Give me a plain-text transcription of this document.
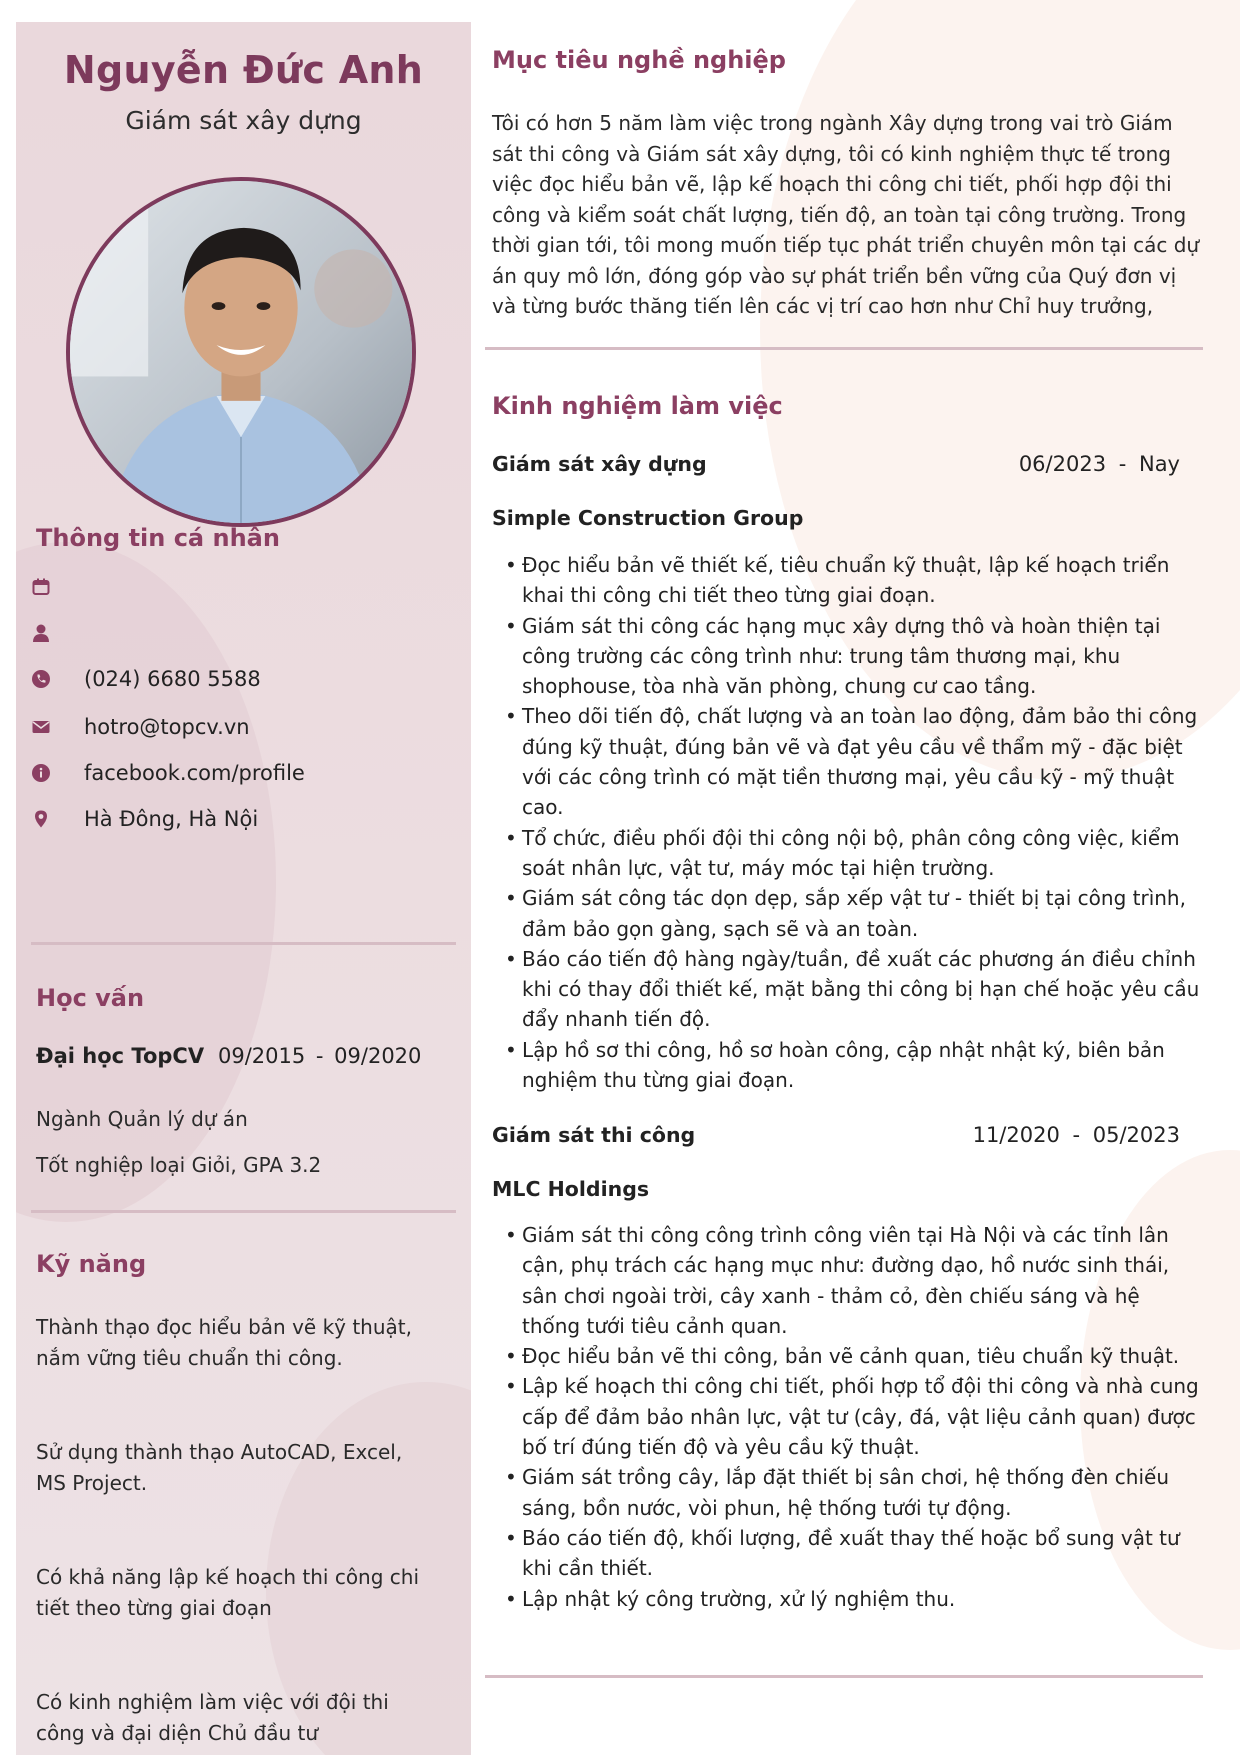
Nguyễn Đức Anh
Giám sát xây dựng
Thông tin cá nhân
(024) 6680 5588
hotro@topcv.vn
facebook.com/profile
Hà Đông, Hà Nội
Học vấn
Đại học TopCV 09/2015 - 09/2020
Ngành Quản lý dự án
Tốt nghiệp loại Giỏi, GPA 3.2
Kỹ năng
Thành thạo đọc hiểu bản vẽ kỹ thuật, nắm vững tiêu chuẩn thi công.
Sử dụng thành thạo AutoCAD, Excel, MS Project.
Có khả năng lập kế hoạch thi công chi tiết theo từng giai đoạn
Có kinh nghiệm làm việc với đội thi công và đại diện Chủ đầu tư
Mục tiêu nghề nghiệp
Tôi có hơn 5 năm làm việc trong ngành Xây dựng trong vai trò Giám sát thi công và Giám sát xây dựng, tôi có kinh nghiệm thực tế trong việc đọc hiểu bản vẽ, lập kế hoạch thi công chi tiết, phối hợp đội thi công và kiểm soát chất lượng, tiến độ, an toàn tại công trường. Trong thời gian tới, tôi mong muốn tiếp tục phát triển chuyên môn tại các dự án quy mô lớn, đóng góp vào sự phát triển bền vững của Quý đơn vị và từng bước thăng tiến lên các vị trí cao hơn như Chỉ huy trưởng,
Kinh nghiệm làm việc
Giám sát xây dựng	06/2023 - Nay
Simple Construction Group
• Đọc hiểu bản vẽ thiết kế, tiêu chuẩn kỹ thuật, lập kế hoạch triển khai thi công chi tiết theo từng giai đoạn.
• Giám sát thi công các hạng mục xây dựng thô và hoàn thiện tại công trường các công trình như: trung tâm thương mại, khu shophouse, tòa nhà văn phòng, chung cư cao tầng.
• Theo dõi tiến độ, chất lượng và an toàn lao động, đảm bảo thi công đúng kỹ thuật, đúng bản vẽ và đạt yêu cầu về thẩm mỹ - đặc biệt với các công trình có mặt tiền thương mại, yêu cầu kỹ - mỹ thuật cao.
• Tổ chức, điều phối đội thi công nội bộ, phân công công việc, kiểm soát nhân lực, vật tư, máy móc tại hiện trường.
• Giám sát công tác dọn dẹp, sắp xếp vật tư - thiết bị tại công trình, đảm bảo gọn gàng, sạch sẽ và an toàn.
• Báo cáo tiến độ hàng ngày/tuần, đề xuất các phương án điều chỉnh khi có thay đổi thiết kế, mặt bằng thi công bị hạn chế hoặc yêu cầu đẩy nhanh tiến độ.
• Lập hồ sơ thi công, hồ sơ hoàn công, cập nhật nhật ký, biên bản nghiệm thu từng giai đoạn.
Giám sát thi công	11/2020 - 05/2023
MLC Holdings
• Giám sát thi công công trình công viên tại Hà Nội và các tỉnh lân cận, phụ trách các hạng mục như: đường dạo, hồ nước sinh thái, sân chơi ngoài trời, cây xanh - thảm cỏ, đèn chiếu sáng và hệ thống tưới tiêu cảnh quan.
• Đọc hiểu bản vẽ thi công, bản vẽ cảnh quan, tiêu chuẩn kỹ thuật.
• Lập kế hoạch thi công chi tiết, phối hợp tổ đội thi công và nhà cung cấp để đảm bảo nhân lực, vật tư (cây, đá, vật liệu cảnh quan) được bố trí đúng tiến độ và yêu cầu kỹ thuật.
• Giám sát trồng cây, lắp đặt thiết bị sân chơi, hệ thống đèn chiếu sáng, bồn nước, vòi phun, hệ thống tưới tự động.
• Báo cáo tiến độ, khối lượng, đề xuất thay thế hoặc bổ sung vật tư khi cần thiết.
• Lập nhật ký công trường, xử lý nghiệm thu.
